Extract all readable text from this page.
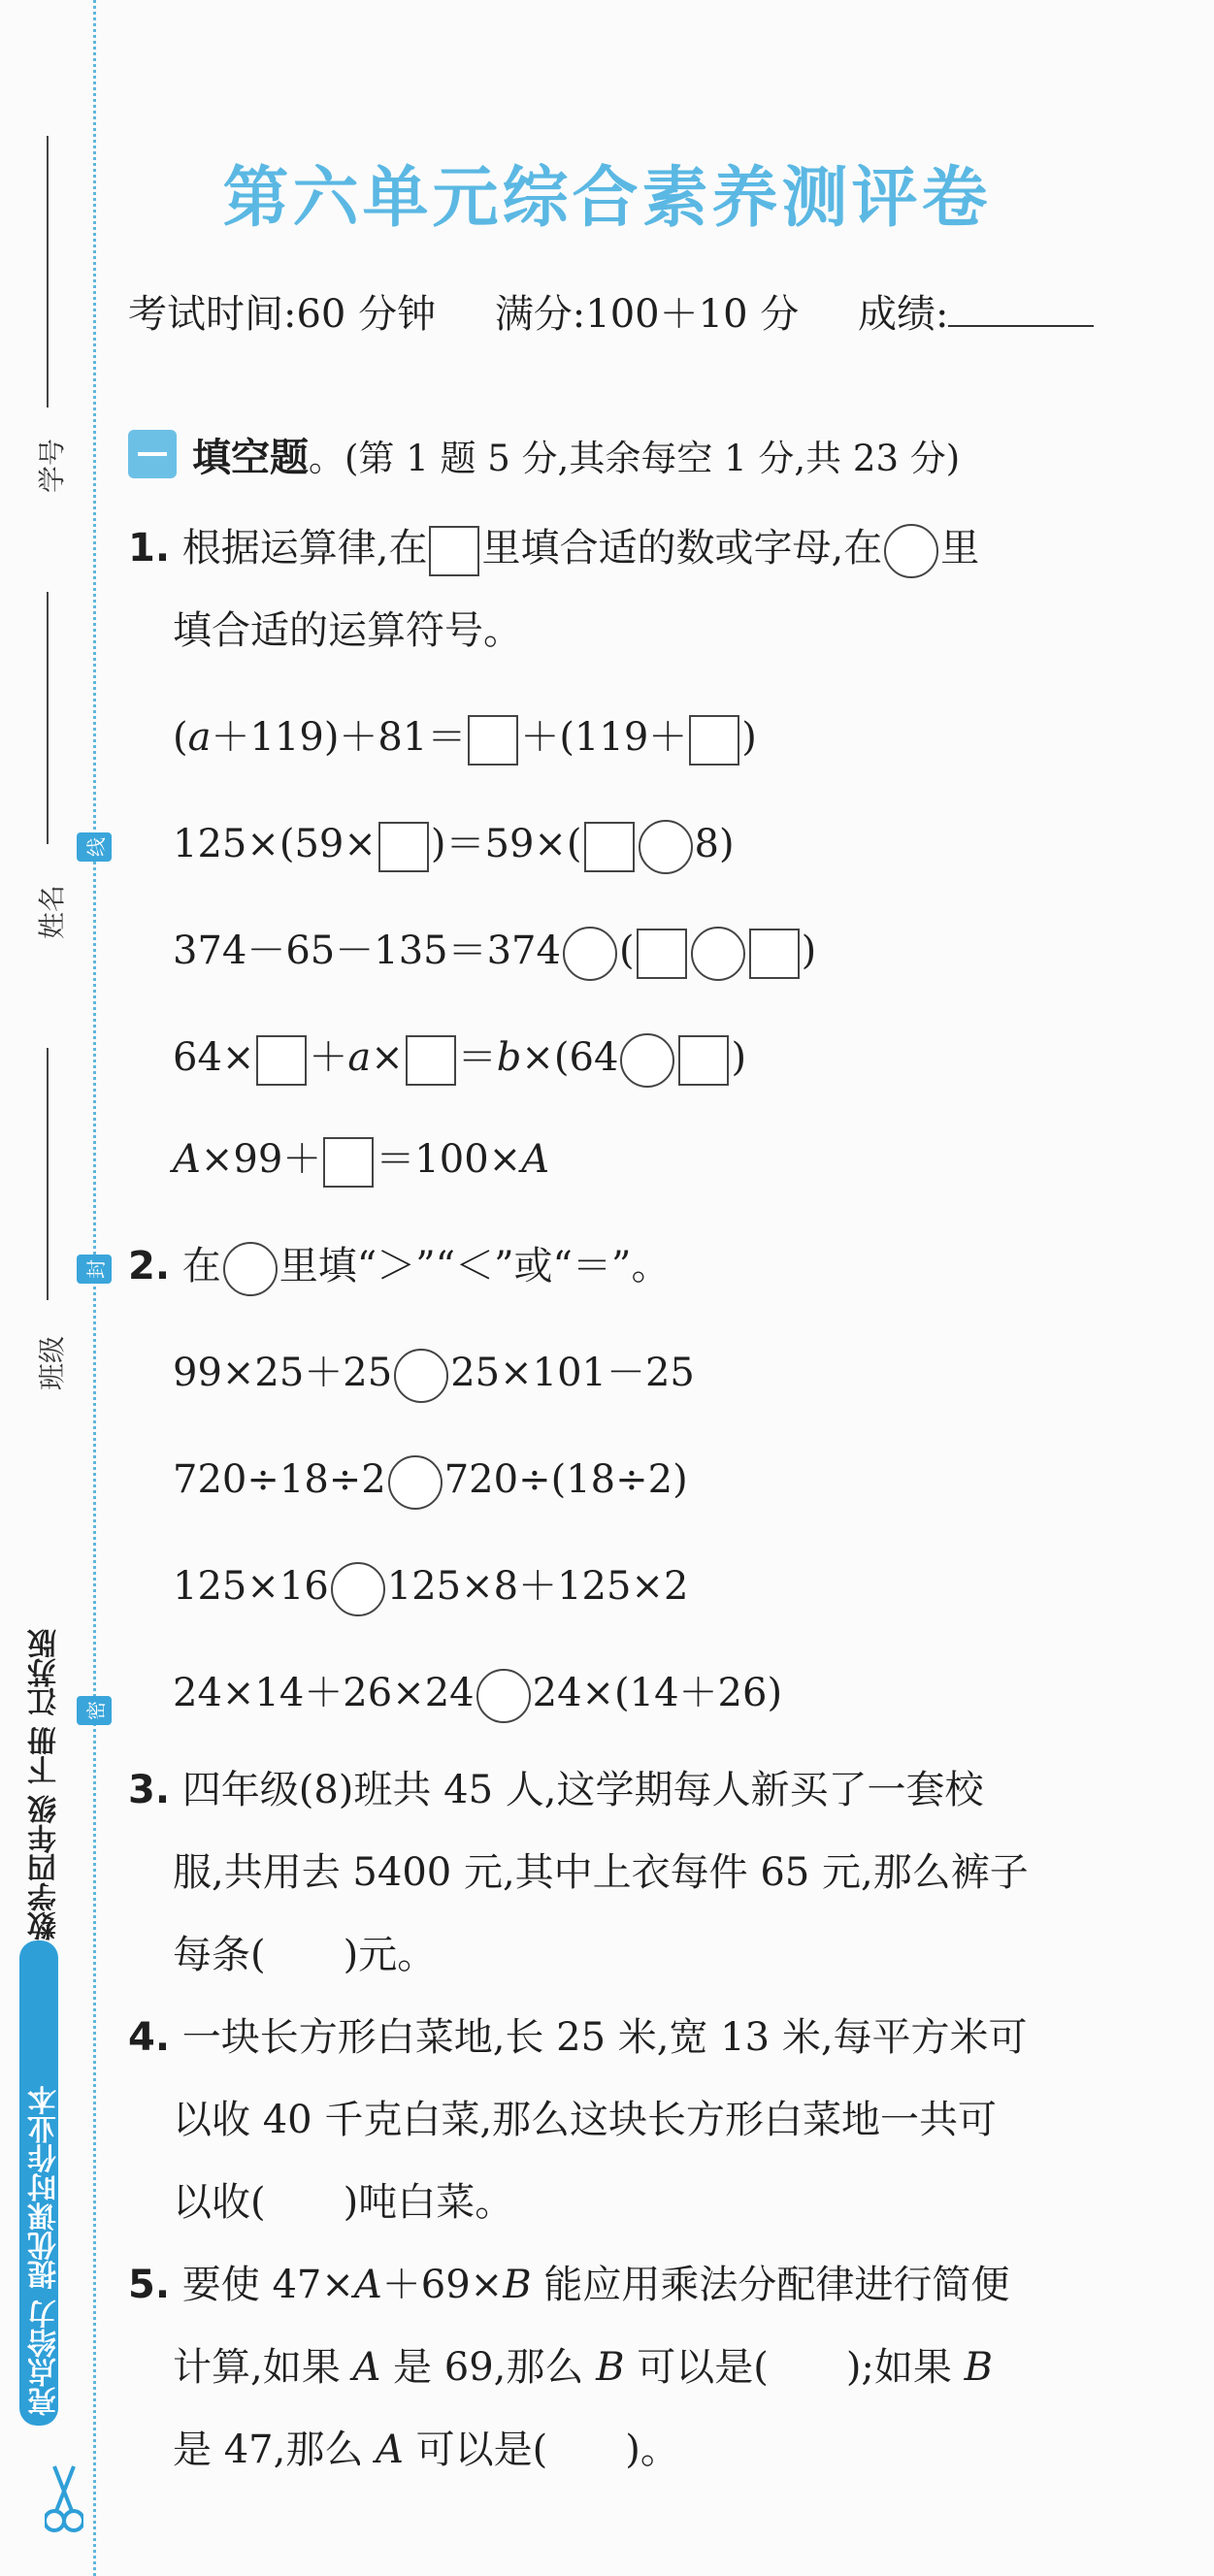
学号
姓名
班级
线
封
密
数学四年级 下册 江苏版
亮点给力 提优课时作业本
第六单元综合素养测评卷
考试时间:60 分钟 满分:100＋10 分 成绩:
填空题。(第 1 题 5 分,其余每空 1 分,共 23 分)
1. 根据运算律,在 里填合适的数或字母,在 里
填合适的运算符号。
(a＋119)＋81＝ ＋(119＋ )
125×(59× )＝59×(	8)
374－65－135＝374 (	)
64× ＋a× ＝b×(64	)
A×99＋ ＝100×A
2. 在 里填“＞”“＜”或“＝”。
99×25＋25 25×101－25
720÷18÷2 720÷(18÷2)
125×16 125×8＋125×2
24×14＋26×24 24×(14＋26)
3. 四年级(8)班共 45 人,这学期每人新买了一套校
服,共用去 5400 元,其中上衣每件 65 元,那么裤子
每条(　　)元。
4. 一块长方形白菜地,长 25 米,宽 13 米,每平方米可
以收 40 千克白菜,那么这块长方形白菜地一共可
以收(　　)吨白菜。
5. 要使 47×A＋69×B 能应用乘法分配律进行简便
计算,如果 A 是 69,那么 B 可以是(　　);如果 B
是 47,那么 A 可以是(　　)。
